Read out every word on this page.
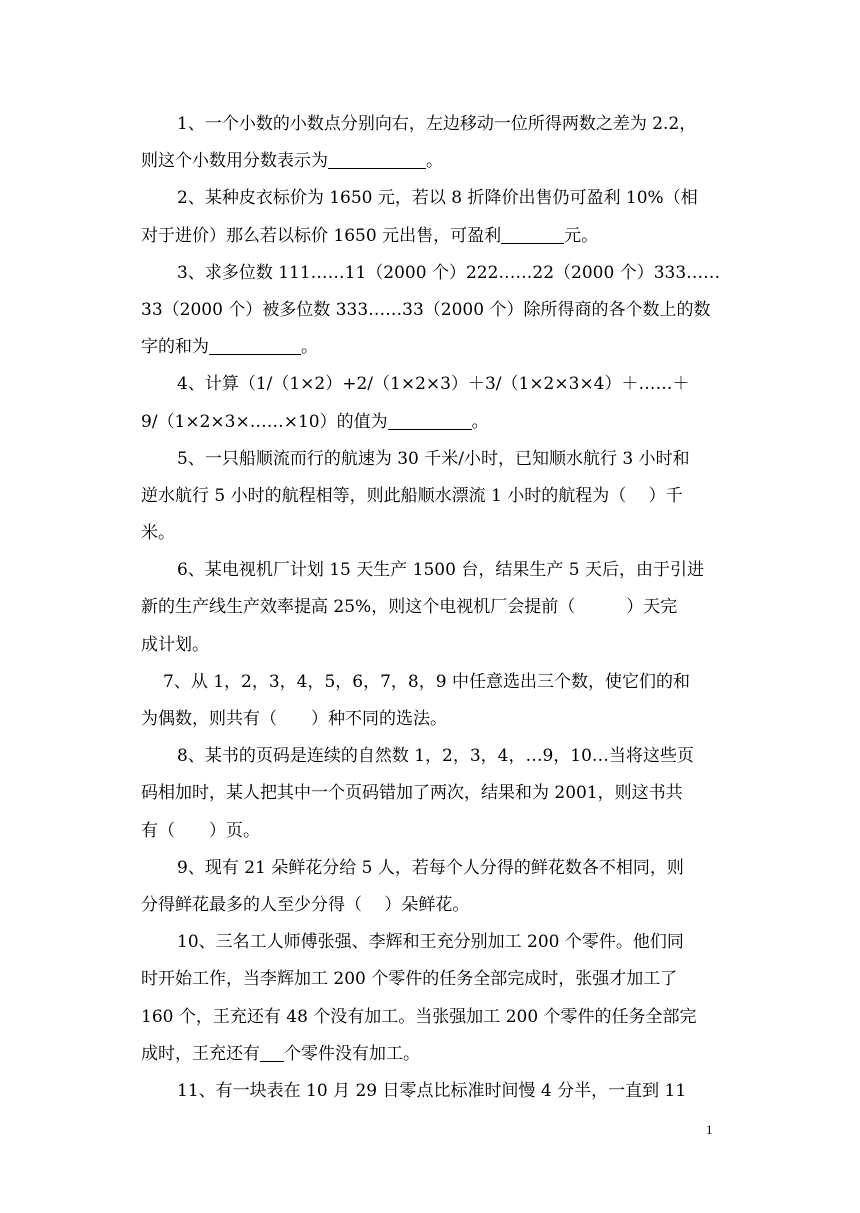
1、一个小数的小数点分别向右，左边移动一位所得两数之差为 2.2，
则这个小数用分数表示为	。
2、某种皮衣标价为 1650 元，若以 8 折降价出售仍可盈利 10%（相
对于进价）那么若以标价 1650 元出售，可盈利	元。
3、求多位数 111……11（2000 个）222……22（2000 个）333……
33（2000 个）被多位数 333……33（2000 个）除所得商的各个数上的数
字的和为	。
4、计算（1/（1×2）+2/（1×2×3）＋3/（1×2×3×4）＋……＋
9/（1×2×3×……×10）的值为	。
5、一只船顺流而行的航速为 30 千米/小时，已知顺水航行 3 小时和
逆水航行 5 小时的航程相等，则此船顺水漂流 1 小时的航程为（　 ）千
米。
6、某电视机厂计划 15 天生产 1500 台，结果生产 5 天后，由于引进
新的生产线生产效率提高 25%，则这个电视机厂会提前（　　　）天完
成计划。
7、从 1，2，3，4，5，6，7，8，9 中任意选出三个数，使它们的和
为偶数，则共有（　　）种不同的选法。
8、某书的页码是连续的自然数 1，2，3，4，…9，10…当将这些页
码相加时，某人把其中一个页码错加了两次，结果和为 2001，则这书共
有（　　）页。
9、现有 21 朵鲜花分给 5 人，若每个人分得的鲜花数各不相同，则
分得鲜花最多的人至少分得（　 ）朵鲜花。
10、三名工人师傅张强、李辉和王充分别加工 200 个零件。他们同
时开始工作，当李辉加工 200 个零件的任务全部完成时，张强才加工了
160 个，王充还有 48 个没有加工。当张强加工 200 个零件的任务全部完
成时，王充还有 个零件没有加工。
11、有一块表在 10 月 29 日零点比标准时间慢 4 分半，一直到 11
1
